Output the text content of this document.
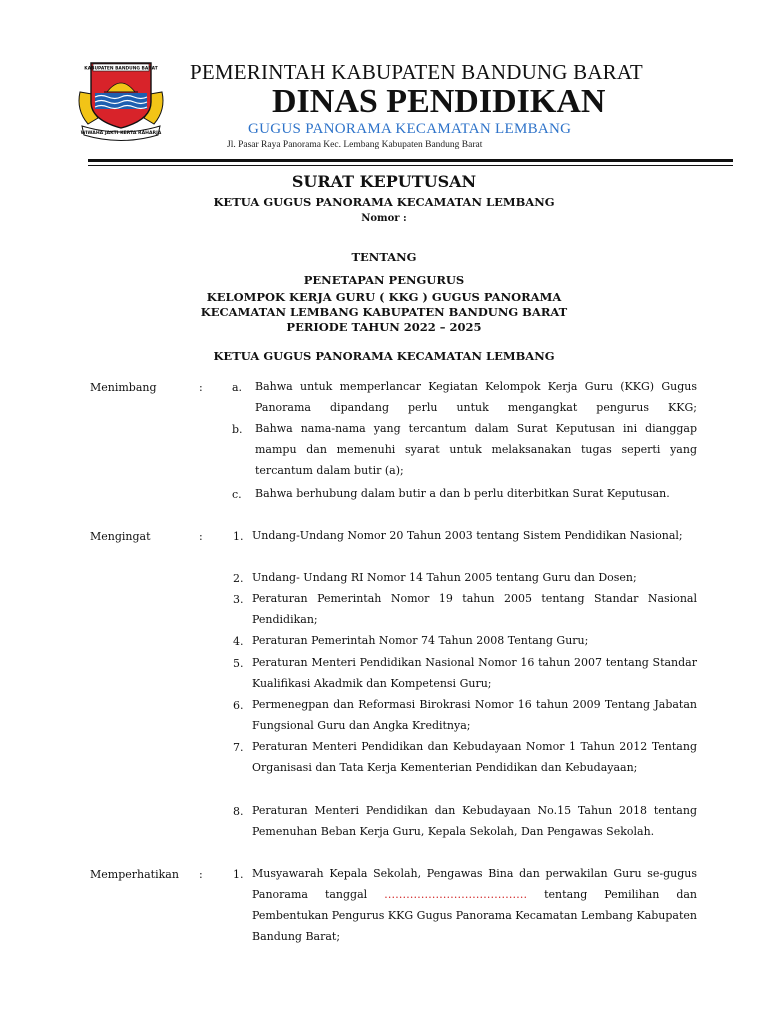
KABUPATEN BANDUNG BARAT
WIWAHA JAKTI KERTA RAHARJA
PEMERINTAH KABUPATEN BANDUNG BARAT
DINAS PENDIDIKAN
GUGUS PANORAMA KECAMATAN LEMBANG
Jl. Pasar Raya Panorama Kec. Lembang Kabupaten Bandung Barat
SURAT KEPUTUSAN
KETUA GUGUS PANORAMA KECAMATAN LEMBANG
Nomor :
TENTANG
PENETAPAN PENGURUS
KELOMPOK KERJA GURU ( KKG ) GUGUS PANORAMA
KECAMATAN LEMBANG KABUPATEN BANDUNG BARAT
PERIODE TAHUN 2022 – 2025
KETUA GUGUS PANORAMA KECAMATAN LEMBANG
Menimbang	:	a. Bahwa untuk memperlancar Kegiatan Kelompok Kerja Guru (KKG) Gugus Panorama dipandang perlu untuk mengangkat pengurus KKG;
b. Bahwa nama-nama yang tercantum dalam Surat Keputusan ini dianggap mampu dan memenuhi syarat untuk melaksanakan tugas seperti yang tercantum dalam butir (a);
c. Bahwa berhubung dalam butir a dan b perlu diterbitkan Surat Keputusan.
Mengingat	:	1. Undang-Undang Nomor 20 Tahun 2003 tentang Sistem Pendidikan Nasional;
2. Undang- Undang RI Nomor 14 Tahun 2005 tentang Guru dan Dosen;
3. Peraturan Pemerintah Nomor 19 tahun 2005 tentang Standar Nasional Pendidikan;
4. Peraturan Pemerintah Nomor 74 Tahun 2008 Tentang Guru;
5. Peraturan Menteri Pendidikan Nasional Nomor 16 tahun 2007 tentang Standar Kualifikasi Akadmik dan Kompetensi Guru;
6. Permenegpan dan Reformasi Birokrasi Nomor 16 tahun 2009 Tentang Jabatan Fungsional Guru dan Angka Kreditnya;
7. Peraturan Menteri Pendidikan dan Kebudayaan Nomor 1 Tahun 2012 Tentang Organisasi dan Tata Kerja Kementerian Pendidikan dan Kebudayaan;
8. Peraturan Menteri Pendidikan dan Kebudayaan No.15 Tahun 2018 tentang Pemenuhan Beban Kerja Guru, Kepala Sekolah, Dan Pengawas Sekolah.
Memperhatikan :	1. Musyawarah Kepala Sekolah, Pengawas Bina dan perwakilan Guru se-gugus Panorama tanggal ………………………………… tentang Pemilihan dan Pembentukan Pengurus KKG Gugus Panorama Kecamatan Lembang Kabupaten Bandung Barat;
